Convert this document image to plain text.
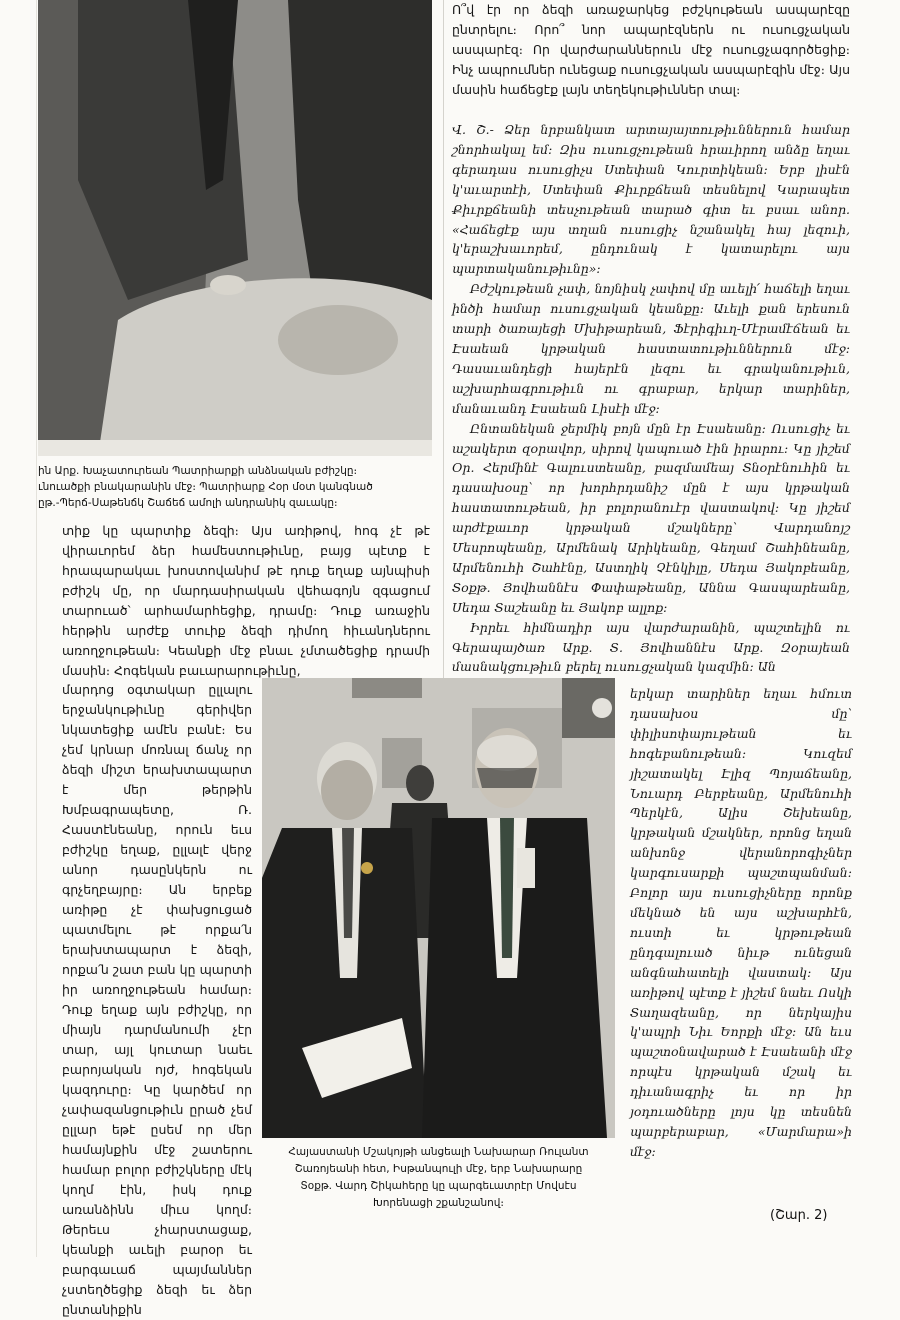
ին Արք. Խաչատուրեան Պատրիարքի անձնական բժիշկը։
ւնուածքի բնակարանին մէջ։ Պատրիարք Հօր մօտ կանգնած
ըթ.-Պերճ-Սաթենճկ Շաճեճ ամոլի անդրանիկ զաւակը։

Ո՞վ էր որ ձեզի առաջարկեց բժշկութեան ասպարէզը ընտրելու։ Որո՞ նոր ապարէզներն ու ուսուցչական ասպարէզ։ Որ վարժարաններուն մէջ ուսուցչագործեցիք։ Ինչ ապրումներ ունեցաք ուսուցչական ասպարէզին մէջ։ Այս մասին հաճեցէք լայն տեղեկութիւններ տալ։

Վ. Շ.- Ձեր նրբանկատ արտայայտութիւններուն համար շնորհակալ եմ։ Զիս ուսուցչութեան հրաւիրող անձը եղաւ գերադաս ուսուցիչս Ստեփան Կուրտիկեան։ Երբ լիսէն կ'աւարտէի, Ստեփան Քիւրքճեան տեսնելով Կարապետ Քիւրքճեանի տեսչութեան տարած գիտ եւ բսաւ անոր. «Հաճեցէք այս տղան ուսուցիչ նշանակել հայ լեզուի, կ'երաշխաւորեմ, ընդունակ է կատարելու այս պարտականութիւնը»։

Բժշկութեան չափ, նոյնիսկ չափով մը աւելի՛ հաճելի եղաւ ինծի համար ուսուցչական կեանքը։ Աւելի քան երեսուն տարի ծառայեցի Մխիթարեան, Ֆէրիգիւղ-Մէրամէճեան եւ Էսաեան կրթական հաստատութիւններուն մէջ։ Դասաւանդեցի հայերէն լեզու եւ գրականութիւն, աշխարհագրութիւն ու գրաբար, երկար տարիներ, մանաւանդ Էսաեան Լիսէի մէջ։

Ընտանեկան ջերմիկ բոյն մըն էր Էսաեանը։ Ուսուցիչ եւ աշակերտ զօրավոր, սիրով կապուած էին իրարու։ Կը յիշեմ Օր. Հերմինէ Գալուստեանը, բազմամեայ Տնօրէնուհին եւ դասախօսը՝ որ խորհրդանիշ մըն է այս կրթական հաստատութեան, իր բոլորանուէր վաստակով։ Կը յիշեմ արժէքաւոր կրթական մշակները՝ Վարդանոյշ Մեսրոպեանը, Արմենակ Արիկեանը, Գեղամ Շահինեանը, Արմենուհի Շահէնը, Աստղիկ Չէնկիլը, Սեդա Յակոբեանը, Տօքթ. Յովհաննէս Փափաթեանը, Աննա Գասպարեանը, Սեդա Տաշեանը եւ Յակոբ ալլոք։

Իրրեւ հիմնադիր այս վարժարանին, պաշտելին ու Գերապայծառ Արք. Տ. Յովհաննէս Արք. Զօրայեան մասնակցութիւն բերել ուսուցչական կազմին։ Ան

տիք կը պարտիք ձեզի։ Այս առիթով, հոգ չէ թէ վիրաւորեմ ձեր համեստութիւնը, բայց պէտք է հրապարակաւ խոստովանիմ թէ դուք եղաք այնպիսի բժիշկ մը, որ մարդասիրական վեհագոյն զգացում տարուած՝ արհամարհեցիք, դրամը։ Դուք առաջին հերթին արժէք տուիք ձեզի դիմող հիւանդներու առողջութեան։ Կեանքի մէջ բնաւ չմտածեցիք դրամի մասին։ Հոգեկան բաւարարութիւնը,

մարդոց օգտակար ըլլալու երջանկութիւնը գերիվեր նկատեցիք ամէն բանէ։ Ես չեմ կրնար մոռնալ ճանչ որ ձեզի միշտ երախտապարտ է մեր թերթին Խմբագրապետը, Ռ. Հաստէնեանը, որուն եւս բժիշկը եղաք, ըլլալէ վերջ անոր դասընկերն ու գրչեղբայրը։ Ան երբեք առիթը չէ փախցուցած պատմելու թէ որքա՛ն երախտապարտ է ձեզի, որքա՛ն շատ բան կը պարտի իր առողջութեան համար։ Դուք եղաք այն բժիշկը, որ միայն դարմանումի չէր տար, այլ կուտար նաեւ բարոյական ոյժ, հոգեկան կազդուրը։ Կը կարծեմ որ չափազանցութիւն ըրած չեմ ըլլար եթէ ըսեմ որ մեր համայնքին մէջ շատերու համար բոլոր բժիշկները մէկ կողմ էին, իսկ դուք առանձինն միւս կողմ։ Թերեւս չհարստացաք, կեանքի աւելի բարօր եւ բարգաւաճ պայմաններ չստեղծեցիք ձեզի եւ ձեր ընտանիքին

Հայաստանի Մշակոյթի անցեալի Նախարար Ռուլանտ
Շառոյեանի հետ, Իսթանպուլի մէջ, երբ Նախարարը
Տօքթ. Վարդ Շիկահերը կը պարգեւատրէր Մովսէս
Խորենացի շքանշանով։

երկար տարիներ եղաւ հմուտ դասախօս մը՝ փիլիսոփայութեան եւ հոգեբանութեան։ Կուզեմ յիշատակել Էլիզ Պոյաճեանը, Նուարդ Բերբեանը, Արմենուհի Պերկէն, Ալիս Շեխեանը, կրթական մշակներ, որոնց եղան անխոնջ վերանորոգիչներ կարգուսարքի պաշտպանման։ Բոլոր այս ուսուցիչները որոնք մեկնած են այս աշխարհէն, ուստի եւ կրթութեան ընդգալուած նիւթ ունեցան անգնահատելի վաստակ։ Այս առիթով պէտք է յիշեմ նաեւ Ոսկի Տաղազեանը, որ ներկայիս կ'ապրի Նիւ Եորքի մէջ։ Ան եւս պաշտօնավարած է Էսաեանի մէջ որպէս կրթական մշակ եւ դիւանագրիչ եւ որ իր յօդուածները լոյս կը տեսնեն պարբերաբար, «Մարմարա»ի մէջ։

(Շար. 2)
